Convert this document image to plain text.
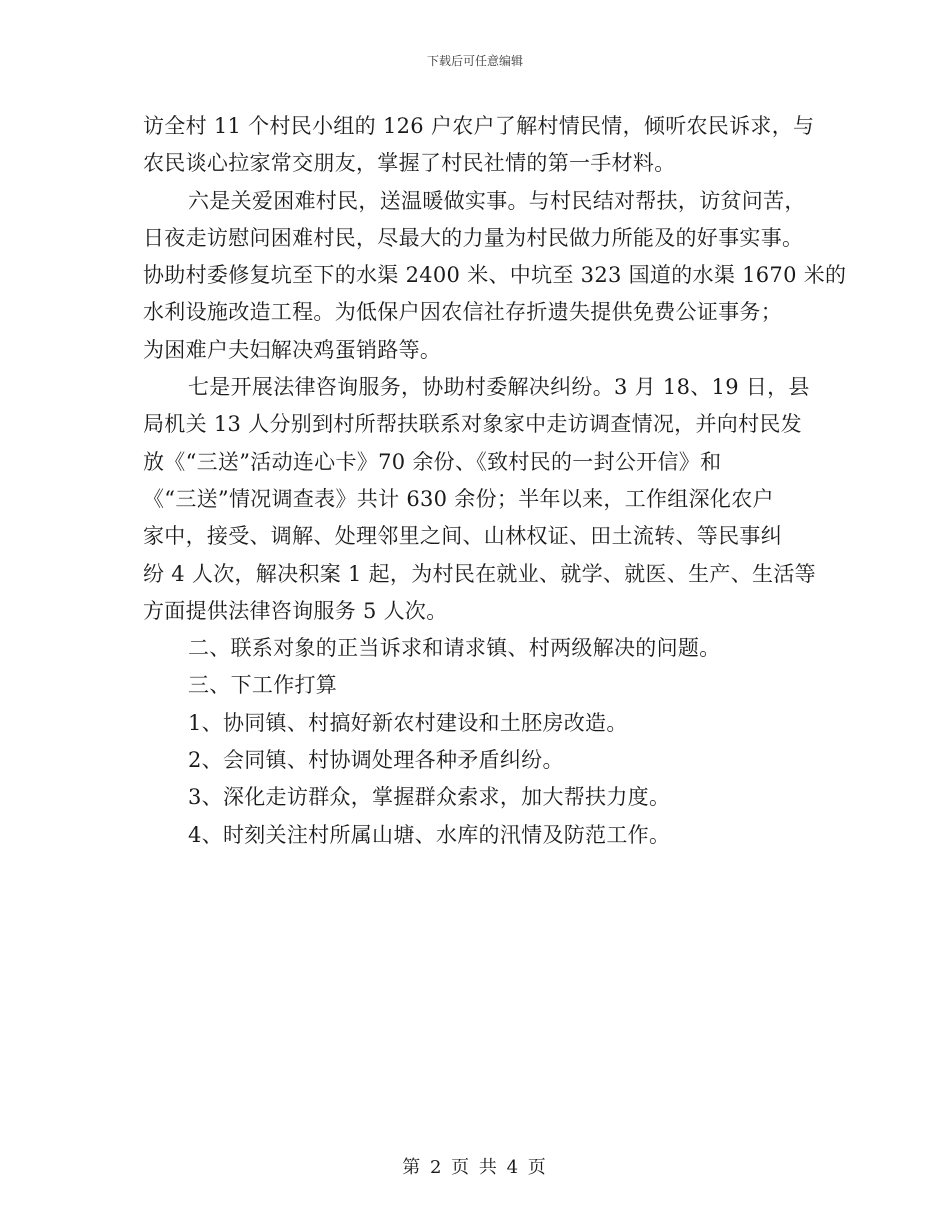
下载后可任意编辑
访全村 11 个村民小组的 126 户农户了解村情民情，倾听农民诉求，与
农民谈心拉家常交朋友，掌握了村民社情的第一手材料。
六是关爱困难村民，送温暖做实事。与村民结对帮扶，访贫问苦，
日夜走访慰问困难村民，尽最大的力量为村民做力所能及的好事实事。
协助村委修复坑至下的水渠 2400 米、中坑至 323 国道的水渠 1670 米的
水利设施改造工程。为低保户因农信社存折遗失提供免费公证事务；
为困难户夫妇解决鸡蛋销路等。
七是开展法律咨询服务，协助村委解决纠纷。3 月 18、19 日，县
局机关 13 人分别到村所帮扶联系对象家中走访调查情况，并向村民发
放《“三送”活动连心卡》70 余份、《致村民的一封公开信》和
《“三送”情况调查表》共计 630 余份；半年以来，工作组深化农户
家中，接受、调解、处理邻里之间、山林权证、田土流转、等民事纠
纷 4 人次，解决积案 1 起，为村民在就业、就学、就医、生产、生活等
方面提供法律咨询服务 5 人次。
二、联系对象的正当诉求和请求镇、村两级解决的问题。
三、下工作打算
1、协同镇、村搞好新农村建设和土胚房改造。
2、会同镇、村协调处理各种矛盾纠纷。
3、深化走访群众，掌握群众索求，加大帮扶力度。
4、时刻关注村所属山塘、水库的汛情及防范工作。
第 2 页 共 4 页
